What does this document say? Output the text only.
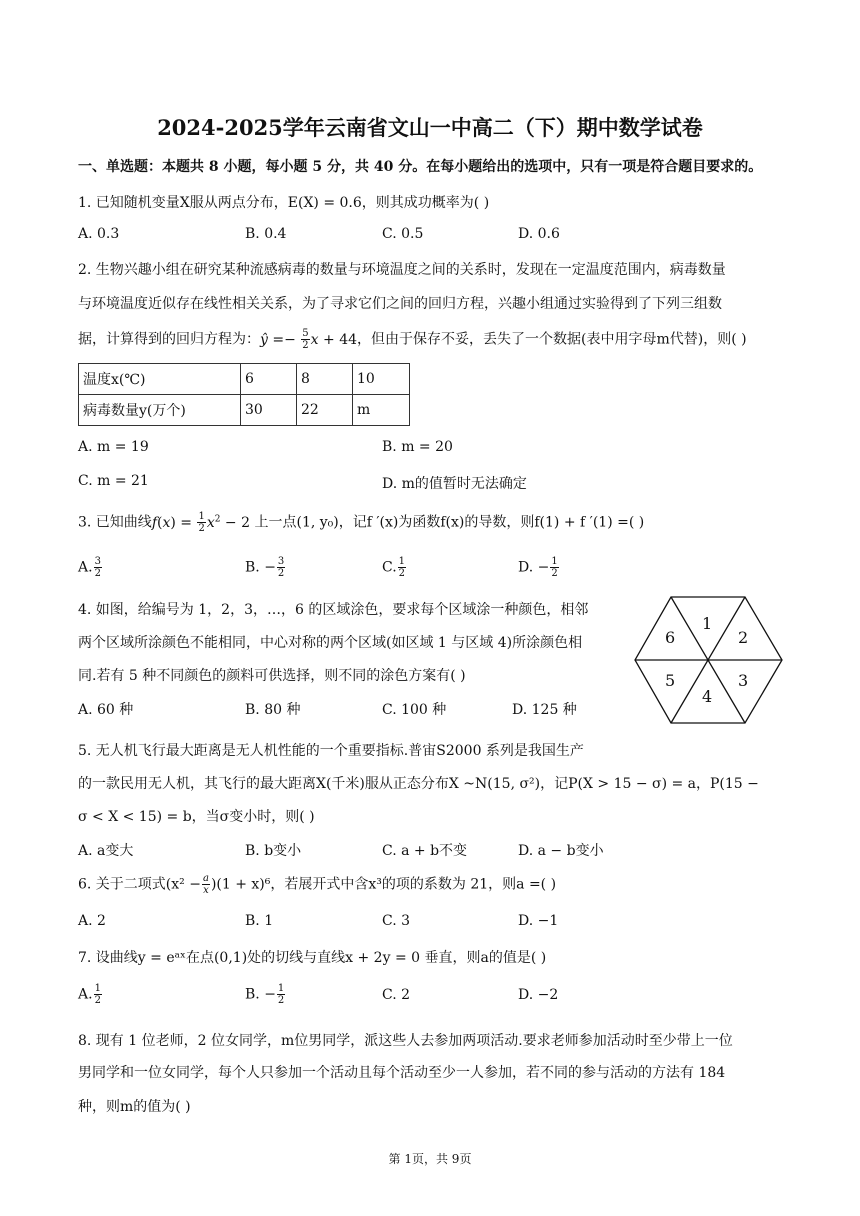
2024-2025学年云南省文山一中高二（下）期中数学试卷
一、单选题：本题共 8 小题，每小题 5 分，共 40 分。在每小题给出的选项中，只有一项是符合题目要求的。
1. 已知随机变量X服从两点分布，E(X) = 0.6，则其成功概率为( )
A. 0.3	B. 0.4	C. 0.5	D. 0.6
2. 生物兴趣小组在研究某种流感病毒的数量与环境温度之间的关系时，发现在一定温度范围内，病毒数量
与环境温度近似存在线性相关关系，为了寻求它们之间的回归方程，兴趣小组通过实验得到了下列三组数
据，计算得到的回归方程为：ŷ =− $\frac{5}{2}$ x + 44，但由于保存不妥，丢失了一个数据(表中用字母m代替)，则( )
温度x(℃)	6	8	10
病毒数量y(万个)	30	22	m
A. m = 19	B. m = 20
C. m = 21	D. m的值暂时无法确定
3. 已知曲线$f(x) = \frac{1}{2} x^2 - 2$ 上一点(1, y₀)，记f ′(x)为函数f(x)的导数，则f(1) + f ′(1) =( )
A. $\frac{3}{2}$	B. − $\frac{3}{2}$	C. $\frac{1}{2}$	D. − $\frac{1}{2}$
4. 如图，给编号为 1，2，3，…，6 的区域涂色，要求每个区域涂一种颜色，相邻
两个区域所涂颜色不能相同，中心对称的两个区域(如区域 1 与区域 4)所涂颜色相
同.若有 5 种不同颜色的颜料可供选择，则不同的涂色方案有( )
A. 60 种	B. 80 种	C. 100 种	D. 125 种
1
2
3
4
5
6
5. 无人机飞行最大距离是无人机性能的一个重要指标.普宙S2000 系列是我国生产
的一款民用无人机，其飞行的最大距离X(千米)服从正态分布X ~N(15, σ²)，记P(X > 15 − σ) = a，P(15 −
σ < X < 15) = b，当σ变小时，则( )
A. a变大	B. b变小	C. a + b不变	D. a − b变小
6. 关于二项式$(x^2 - \frac{a}{x} )(1 + x)^6$，若展开式中含x³的项的系数为 21，则a =( )
A. 2	B. 1	C. 3	D. −1
7. 设曲线y = eᵃˣ在点(0,1)处的切线与直线x + 2y = 0 垂直，则a的值是( )
A. $\frac{1}{2}$	B. − $\frac{1}{2}$	C. 2	D. −2
8. 现有 1 位老师，2 位女同学，m位男同学，派这些人去参加两项活动.要求老师参加活动时至少带上一位
男同学和一位女同学，每个人只参加一个活动且每个活动至少一人参加，若不同的参与活动的方法有 184
种，则m的值为( )
第 1页，共 9页
